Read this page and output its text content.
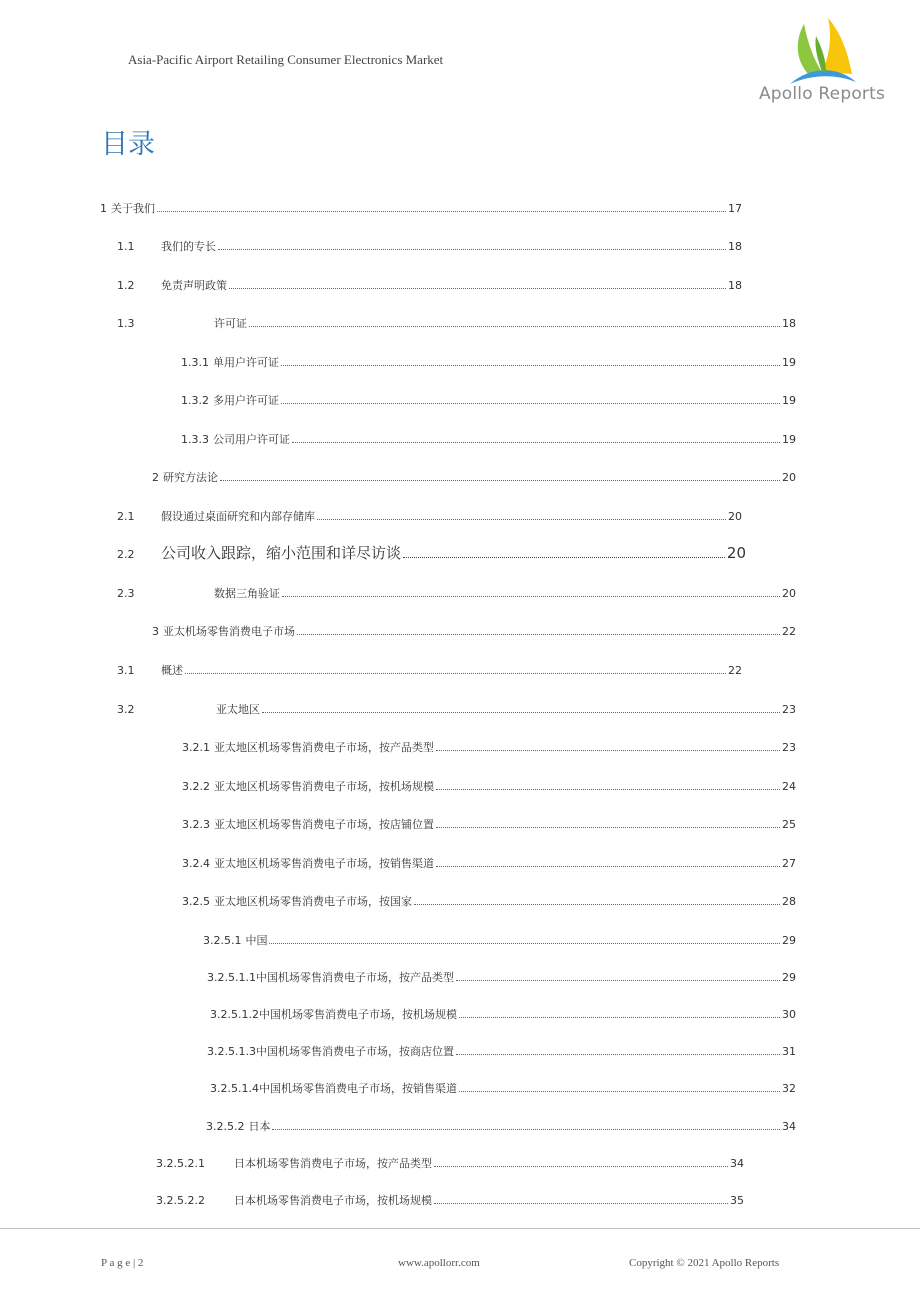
Asia-Pacific Airport Retailing Consumer Electronics Market
Apollo Reports
目录
1 关于我们	17
1.1	我们的专长	18
1.2	免责声明政策	18
1.3	许可证	18
1.3.1 单用户许可证	19
1.3.2 多用户许可证	19
1.3.3 公司用户许可证	19
2 研究方法论	20
2.1	假设通过桌面研究和内部存储库	20
2.2	公司收入跟踪，缩小范围和详尽访谈	20
2.3	数据三角验证	20
3 亚太机场零售消费电子市场	22
3.1	概述	22
3.2	亚太地区	23
3.2.1 亚太地区机场零售消费电子市场，按产品类型	23
3.2.2 亚太地区机场零售消费电子市场，按机场规模	24
3.2.3 亚太地区机场零售消费电子市场，按店铺位置	25
3.2.4 亚太地区机场零售消费电子市场，按销售渠道	27
3.2.5 亚太地区机场零售消费电子市场，按国家	28
3.2.5.1 中国	29
3.2.5.1.1 中国机场零售消费电子市场，按产品类型	29
3.2.5.1.2 中国机场零售消费电子市场，按机场规模	30
3.2.5.1.3 中国机场零售消费电子市场，按商店位置	31
3.2.5.1.4 中国机场零售消费电子市场，按销售渠道	32
3.2.5.2 日本	34
3.2.5.2.1	日本机场零售消费电子市场，按产品类型	34
3.2.5.2.2	日本机场零售消费电子市场，按机场规模	35
P a g e | 2	www.apollorr.com	Copyright © 2021 Apollo Reports
